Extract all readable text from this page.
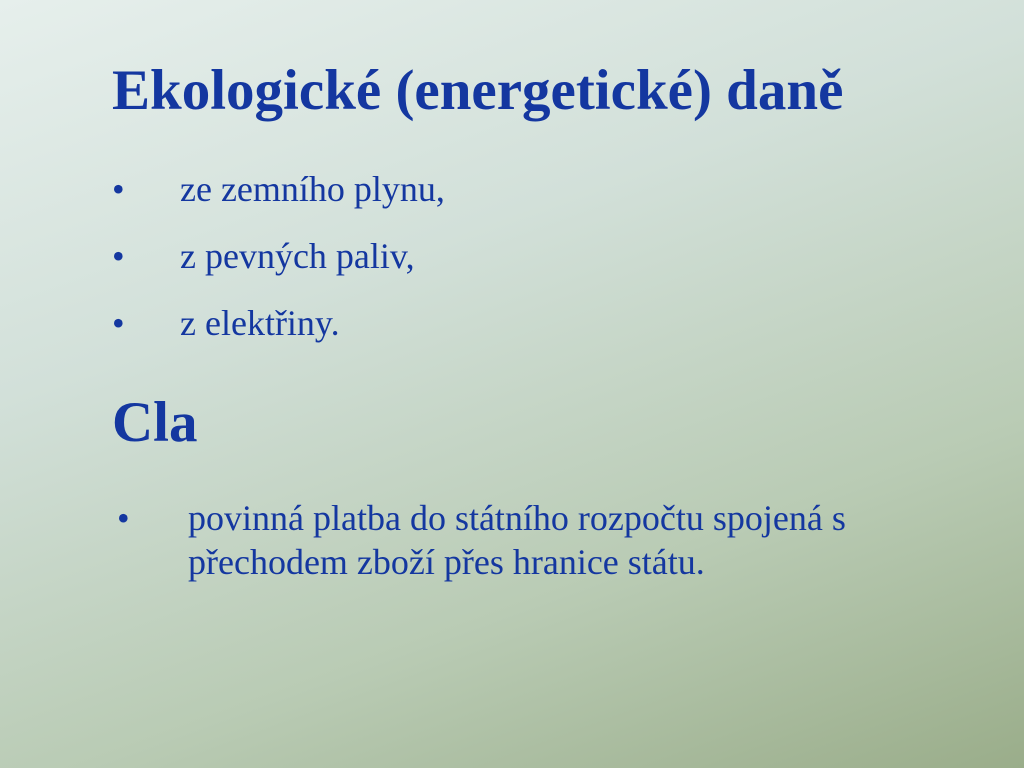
Ekologické (energetické) daně
• ze zemního plynu,
• z pevných paliv,
• z elektřiny.
Cla
• povinná platba do státního rozpočtu spojená s přechodem zboží přes hranice státu.
